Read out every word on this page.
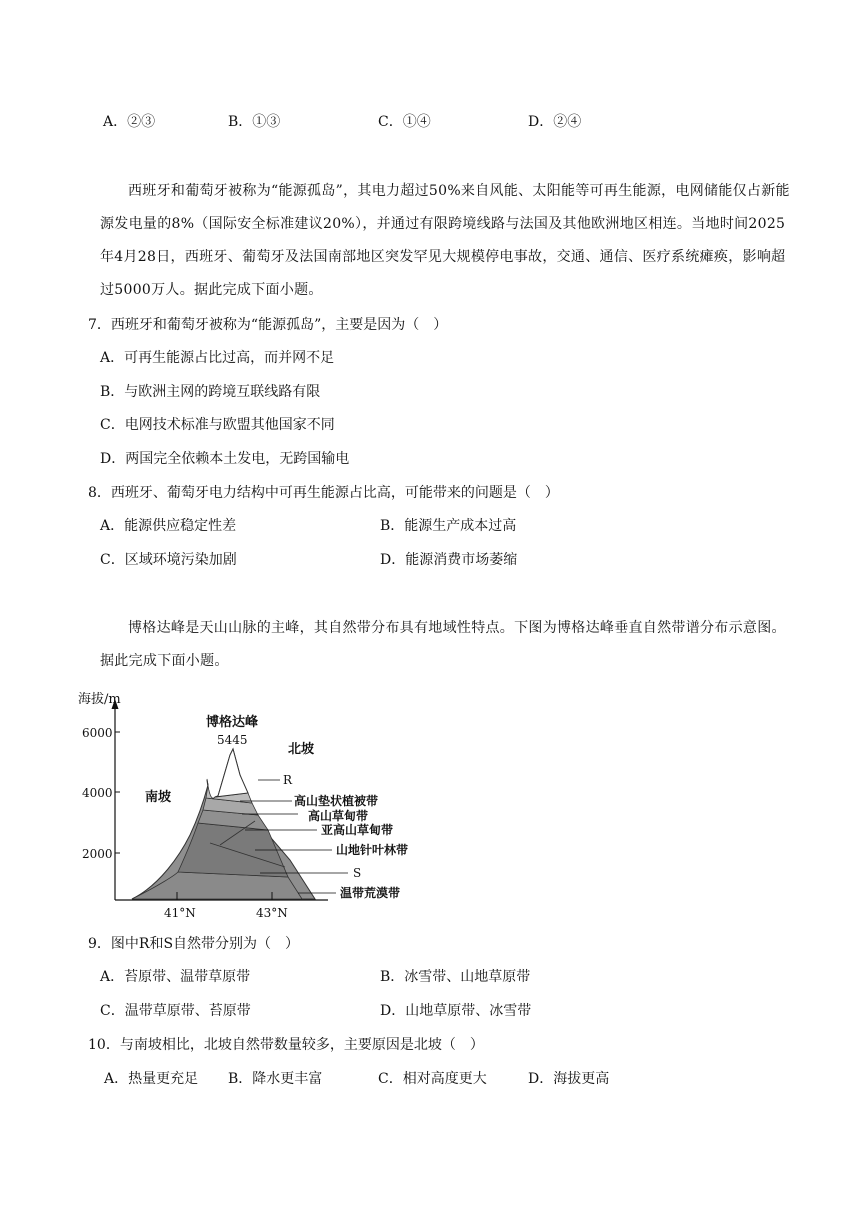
A．②③	B．①③	C．①④	D．②④
西班牙和葡萄牙被称为“能源孤岛”，其电力超过50%来自风能、太阳能等可再生能源，电网储能仅占新能源发电量的8%（国际安全标准建议20%），并通过有限跨境线路与法国及其他欧洲地区相连。当地时间2025年4月28日，西班牙、葡萄牙及法国南部地区突发罕见大规模停电事故，交通、通信、医疗系统瘫痪，影响超过5000万人。据此完成下面小题。
7．西班牙和葡萄牙被称为“能源孤岛”，主要是因为（　）
A．可再生能源占比过高，而并网不足
B．与欧洲主网的跨境互联线路有限
C．电网技术标准与欧盟其他国家不同
D．两国完全依赖本土发电，无跨国输电
8．西班牙、葡萄牙电力结构中可再生能源占比高，可能带来的问题是（　）
A．能源供应稳定性差	B．能源生产成本过高
C．区域环境污染加剧	D．能源消费市场萎缩
博格达峰是天山山脉的主峰，其自然带分布具有地域性特点。下图为博格达峰垂直自然带谱分布示意图。据此完成下面小题。
海拔/m
6000
4000
2000
博格达峰
5445
南坡
北坡
R
高山垫状植被带
高山草甸带
亚高山草甸带
山地针叶林带
S
温带荒漠带
41°N	43°N
9．图中R和S自然带分别为（　）
A．苔原带、温带草原带	B．冰雪带、山地草原带
C．温带草原带、苔原带	D．山地草原带、冰雪带
10．与南坡相比，北坡自然带数量较多，主要原因是北坡（　）
A．热量更充足 B．降水更丰富	C．相对高度更大	D．海拔更高
